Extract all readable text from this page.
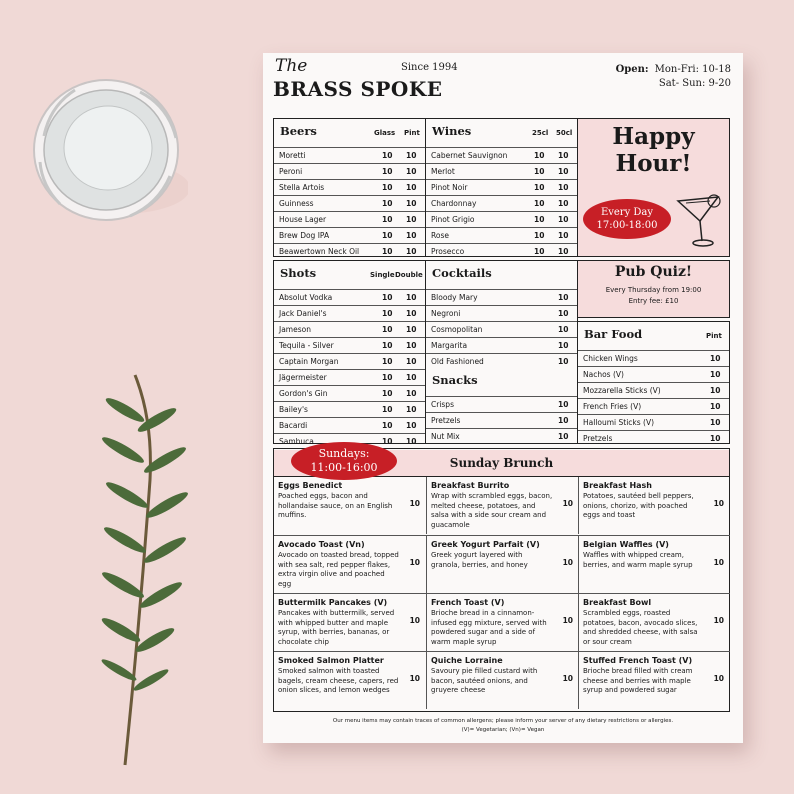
The
BRASS SPOKE
Since 1994	Open: Mon-Fri: 10-18
Sat- Sun: 9-20
Beers	Glass Pint
Moretti	10 10
Peroni	10 10
Stella Artois	10 10
Guinness	10 10
House Lager	10 10
Brew Dog IPA	10 10
Beawertown Neck Oil	10 10
Wines	25cl 50cl
Cabernet Sauvignon	10 10
Merlot	10 10
Pinot Noir	10 10
Chardonnay	10 10
Pinot Grigio	10 10
Rose	10 10
Prosecco	10 10
Happy
Hour!
Every Day
17:00-18:00
Shots	Single Double
Absolut Vodka	10 10
Jack Daniel's	10 10
Jameson	10 10
Tequila - Silver	10 10
Captain Morgan	10 10
Jägermeister	10 10
Gordon's Gin	10 10
Bailey's	10 10
Bacardi	10 10
Sambuca	10 10
Cocktails
Bloody Mary	10
Negroni	10
Cosmopolitan	10
Margarita	10
Old Fashioned	10
Snacks
Crisps	10
Pretzels	10
Nut Mix	10
Pub Quiz!
Every Thursday from 19:00
Entry fee: £10
Bar Food	Pint
Chicken Wings	10
Nachos (V)	10
Mozzarella Sticks (V)	10
French Fries (V)	10
Halloumi Sticks (V)	10
Pretzels	10
Sunday Brunch
Eggs Benedict
Poached eggs, bacon and hollandaise sauce, on an English muffins.
10
Breakfast Burrito
Wrap with scrambled eggs, bacon, melted cheese, potatoes, and salsa with a side sour cream and guacamole
10
Breakfast Hash
Potatoes, sautéed bell peppers, onions, chorizo, with poached eggs and toast
10
Avocado Toast (Vn)
Avocado on toasted bread, topped with sea salt, red pepper flakes, extra virgin olive and poached egg
10
Greek Yogurt Parfait (V)
Greek yogurt layered with granola, berries, and honey	10
Belgian Waffles (V)
Waffles with whipped cream, berries, and warm maple syrup	10
Buttermilk Pancakes (V)
Pancakes with buttermilk, served with whipped butter and maple syrup, with berries, bananas, or chocolate chip
10
French Toast (V)
Brioche bread in a cinnamon-infused egg mixture, served with powdered sugar and a side of warm maple syrup
10
Breakfast Bowl
Scrambled eggs, roasted potatoes, bacon, avocado slices, and shredded cheese, with salsa or sour cream
10
Smoked Salmon Platter
Smoked salmon with toasted bagels, cream cheese, capers, red onion slices, and lemon wedges
10
Quiche Lorraine
Savoury pie filled custard with bacon, sautéed onions, and gruyere cheese
10
Stuffed French Toast (V)
Brioche bread filled with cream cheese and berries with maple syrup and powdered sugar
10
Sundays:
11:00-16:00
Our menu items may contain traces of common allergens; please inform your server of any dietary restrictions or allergies.
(V)= Vegetarian; (Vn)= Vegan
